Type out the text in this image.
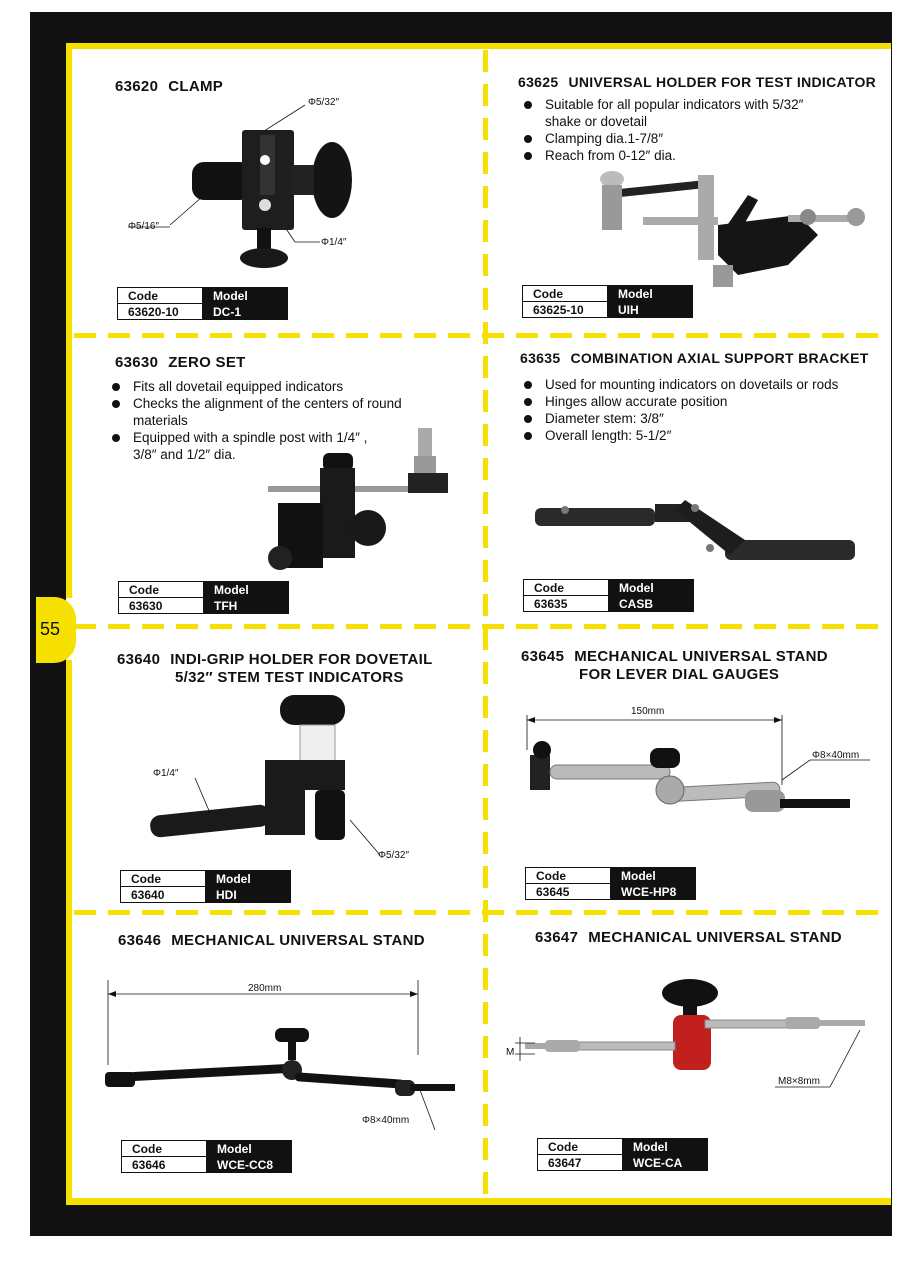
55
63620 CLAMP
Φ5/32″
Φ5/16″
Φ1/4″
Code	Model
63620-10	DC-1
63625 UNIVERSAL HOLDER FOR TEST INDICATOR
Suitable for all popular indicators with 5/32″
shake or dovetail
Clamping dia.1-7/8″
Reach from 0-12″ dia.
Code	Model
63625-10	UIH
63630 ZERO SET
Fits all dovetail equipped indicators
Checks the alignment of the centers of round
materials
Equipped with a spindle post with 1/4″ ,
3/8″ and 1/2″ dia.
Code	Model
63630	TFH
63635 COMBINATION AXIAL SUPPORT BRACKET
Used for mounting indicators on dovetails or rods
Hinges allow accurate position
Diameter stem: 3/8″
Overall length: 5-1/2″
Code	Model
63635	CASB
63640 INDI-GRIP HOLDER FOR DOVETAIL
5/32″ STEM TEST INDICATORS
Φ1/4″
Φ5/32″
Code	Model
63640	HDI
63645 MECHANICAL UNIVERSAL STAND
FOR LEVER DIAL GAUGES
150mm
Φ8×40mm
Code	Model
63645	WCE-HP8
63646 MECHANICAL UNIVERSAL STAND
280mm
Φ8×40mm
Code	Model
63646	WCE-CC8
63647 MECHANICAL UNIVERSAL STAND
M
M8×8mm
Code	Model
63647	WCE-CA
